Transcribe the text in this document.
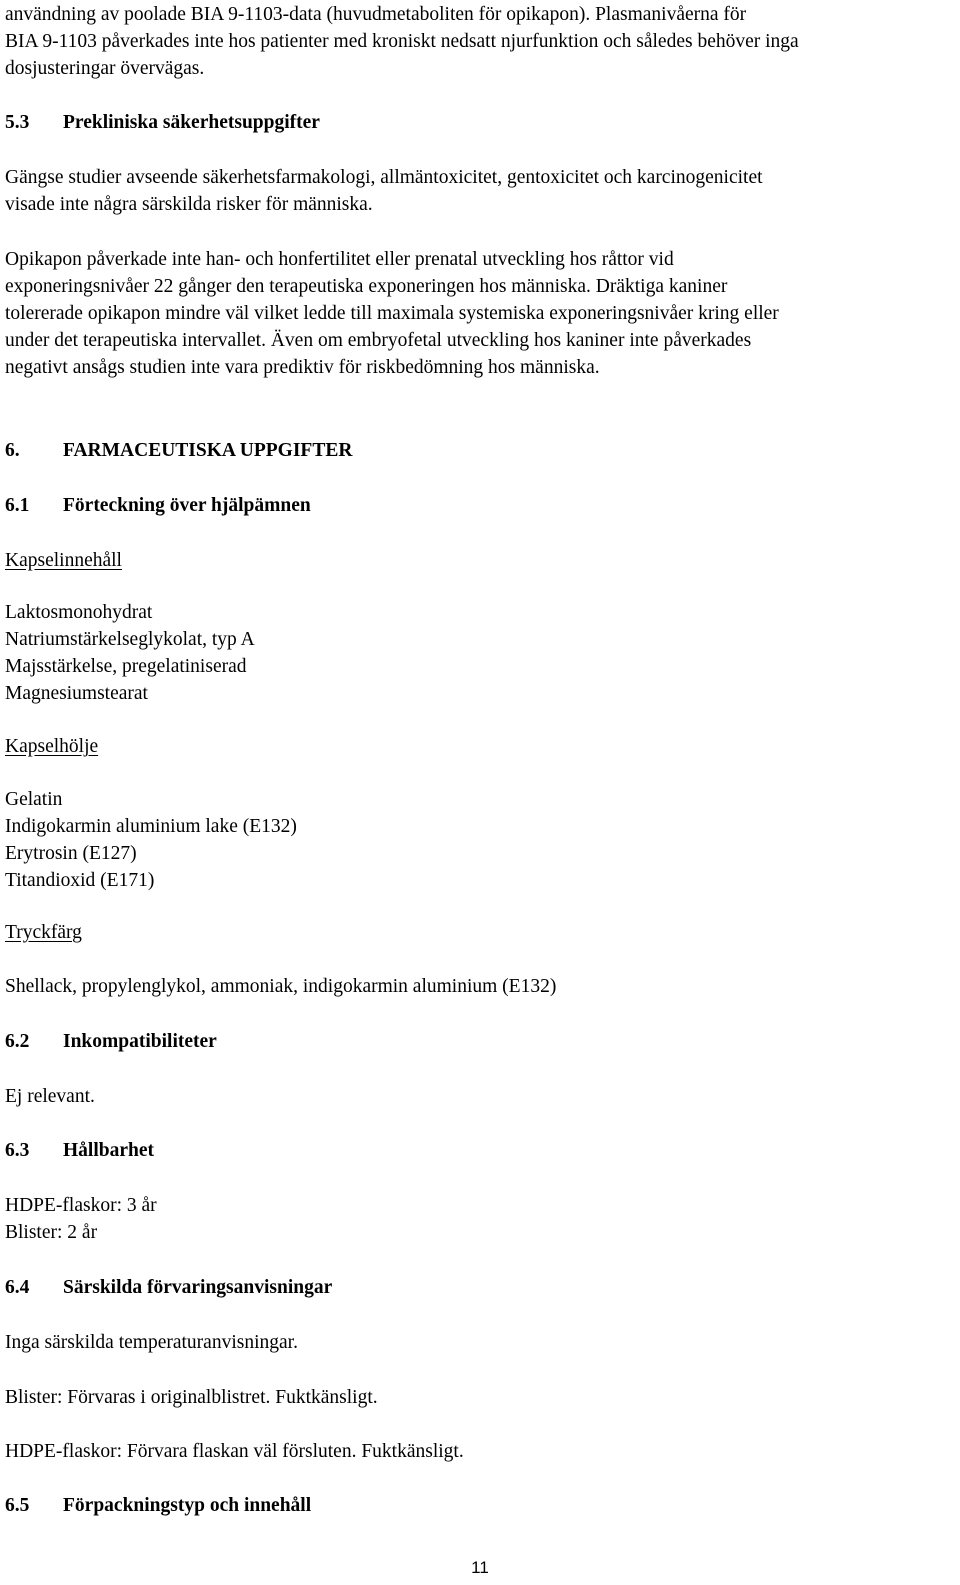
användning av poolade BIA 9-1103-data (huvudmetaboliten för opikapon). Plasmanivåerna för
BIA 9-1103 påverkades inte hos patienter med kroniskt nedsatt njurfunktion och således behöver inga
dosjusteringar övervägas.

5.3 Prekliniska säkerhetsuppgifter

Gängse studier avseende säkerhetsfarmakologi, allmäntoxicitet, gentoxicitet och karcinogenicitet
visade inte några särskilda risker för människa.

Opikapon påverkade inte han- och honfertilitet eller prenatal utveckling hos råttor vid
exponeringsnivåer 22 gånger den terapeutiska exponeringen hos människa. Dräktiga kaniner
tolererade opikapon mindre väl vilket ledde till maximala systemiska exponeringsnivåer kring eller
under det terapeutiska intervallet. Även om embryofetal utveckling hos kaniner inte påverkades
negativt ansågs studien inte vara prediktiv för riskbedömning hos människa.

6. FARMACEUTISKA UPPGIFTER

6.1 Förteckning över hjälpämnen

Kapselinnehåll

Laktosmonohydrat
Natriumstärkelseglykolat, typ A
Majsstärkelse, pregelatiniserad
Magnesiumstearat

Kapselhölje

Gelatin
Indigokarmin aluminium lake (E132)
Erytrosin (E127)
Titandioxid (E171)

Tryckfärg

Shellack, propylenglykol, ammoniak, indigokarmin aluminium (E132)

6.2 Inkompatibiliteter

Ej relevant.

6.3 Hållbarhet

HDPE-flaskor: 3 år
Blister: 2 år

6.4 Särskilda förvaringsanvisningar

Inga särskilda temperaturanvisningar.

Blister: Förvaras i originalblistret. Fuktkänsligt.

HDPE-flaskor: Förvara flaskan väl försluten. Fuktkänsligt.

6.5 Förpackningstyp och innehåll

11
